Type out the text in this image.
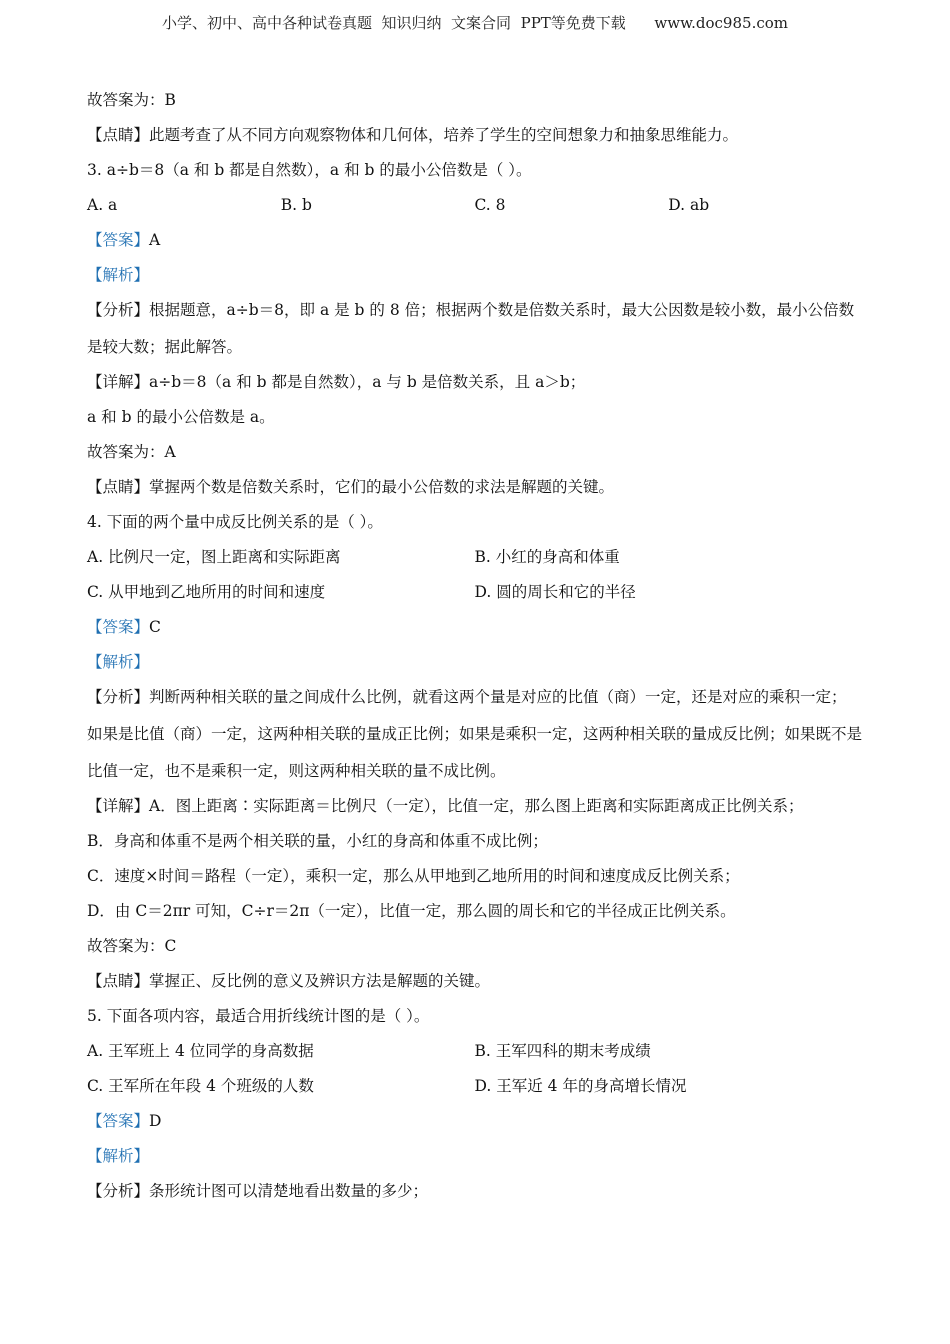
小学、初中、高中各种试卷真题  知识归纳  文案合同  PPT等免费下载      www.doc985.com
故答案为：B
【点睛】此题考查了从不同方向观察物体和几何体，培养了学生的空间想象力和抽象思维能力。
3. a÷b＝8（a 和 b 都是自然数），a 和 b 的最小公倍数是（ ）。
A. a	B. b	C. 8	D. ab
【答案】A
【解析】
【分析】根据题意，a÷b＝8，即 a 是 b 的 8 倍；根据两个数是倍数关系时，最大公因数是较小数，最小公倍数是较大数；据此解答。
【详解】a÷b＝8（a 和 b 都是自然数），a 与 b 是倍数关系，且 a＞b；
a 和 b 的最小公倍数是 a。
故答案为：A
【点睛】掌握两个数是倍数关系时，它们的最小公倍数的求法是解题的关键。
4. 下面的两个量中成反比例关系的是（ ）。
A. 比例尺一定，图上距离和实际距离	B. 小红的身高和体重
C. 从甲地到乙地所用的时间和速度	D. 圆的周长和它的半径
【答案】C
【解析】
【分析】判断两种相关联的量之间成什么比例，就看这两个量是对应的比值（商）一定，还是对应的乘积一定；如果是比值（商）一定，这两种相关联的量成正比例；如果是乘积一定，这两种相关联的量成反比例；如果既不是比值一定，也不是乘积一定，则这两种相关联的量不成比例。
【详解】A．图上距离∶实际距离＝比例尺（一定），比值一定，那么图上距离和实际距离成正比例关系；
B．身高和体重不是两个相关联的量，小红的身高和体重不成比例；
C．速度×时间＝路程（一定），乘积一定，那么从甲地到乙地所用的时间和速度成反比例关系；
D．由 C＝2πr 可知，C÷r＝2π（一定），比值一定，那么圆的周长和它的半径成正比例关系。
故答案为：C
【点睛】掌握正、反比例的意义及辨识方法是解题的关键。
5. 下面各项内容，最适合用折线统计图的是（ ）。
A. 王军班上 4 位同学的身高数据	B. 王军四科的期末考成绩
C. 王军所在年段 4 个班级的人数	D. 王军近 4 年的身高增长情况
【答案】D
【解析】
【分析】条形统计图可以清楚地看出数量的多少；
